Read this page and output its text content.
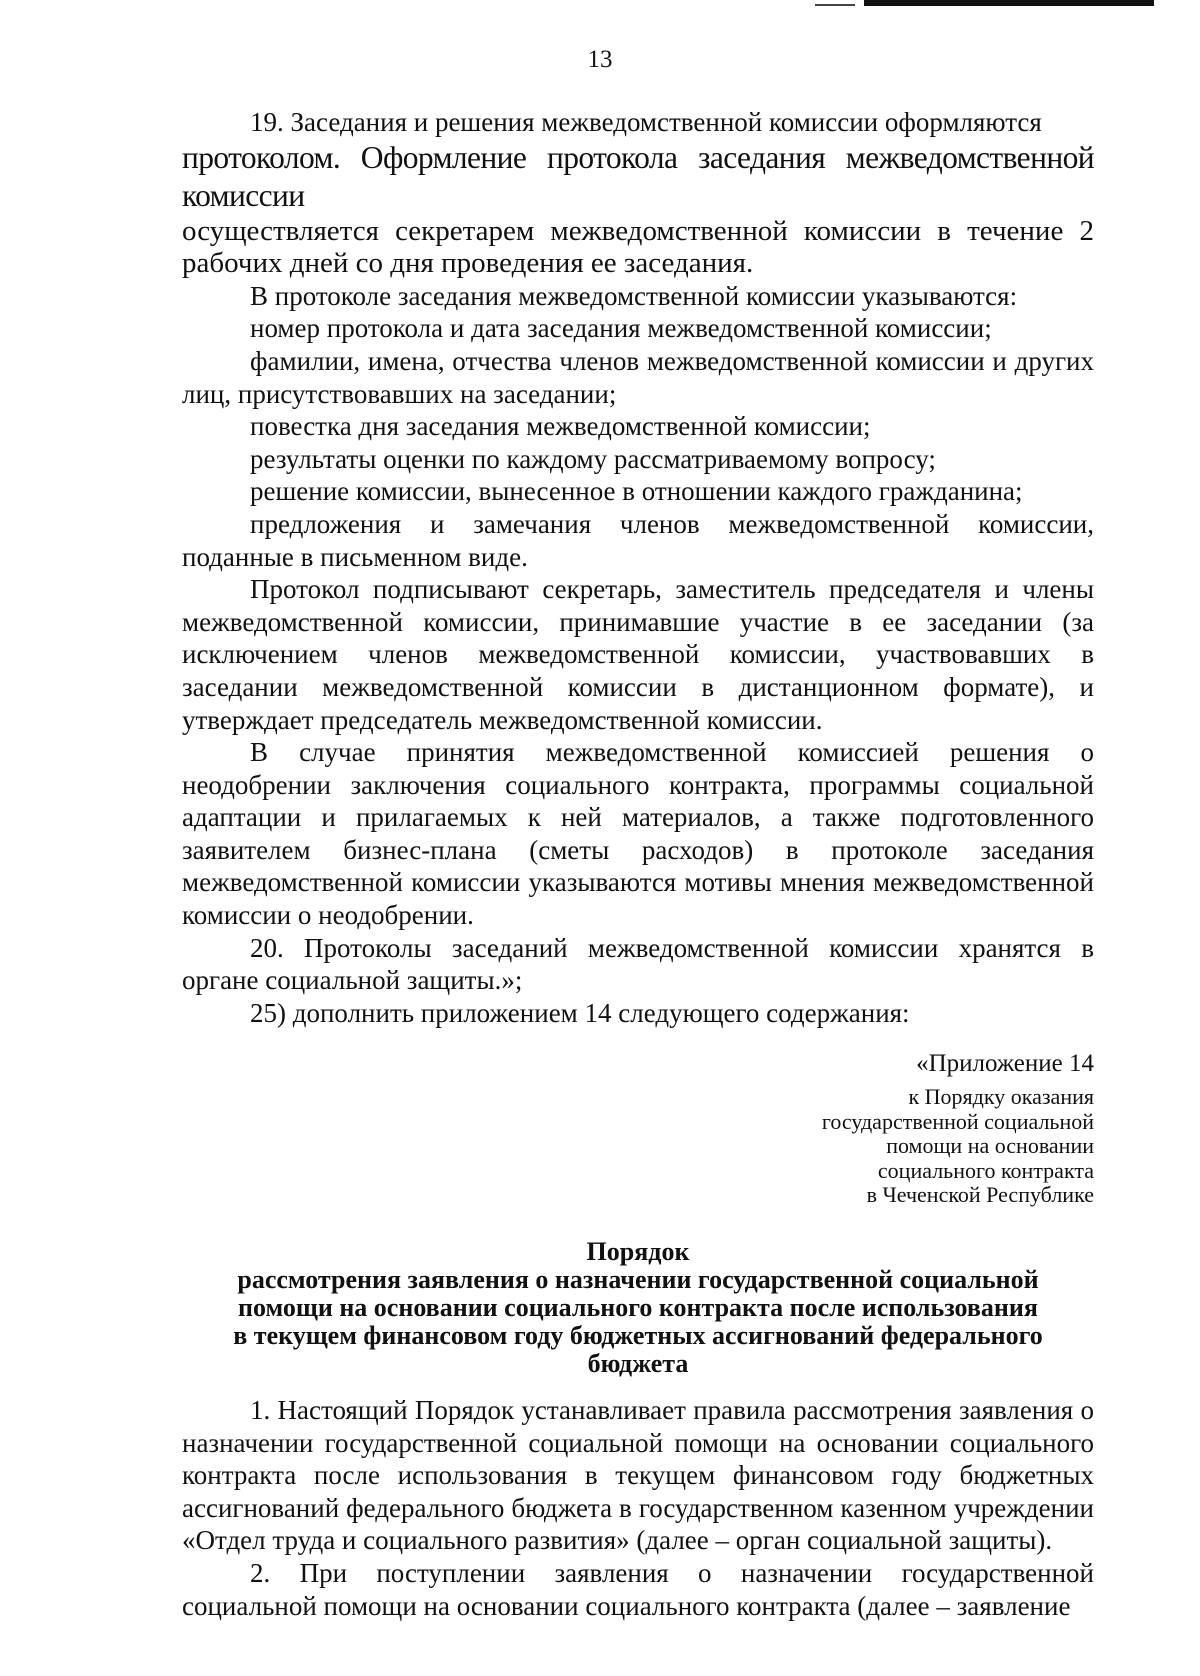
13

19. Заседания и решения межведомственной комиссии оформляются

протоколом. Оформление протокола заседания межведомственной комиссии

осуществляется секретарем межведомственной комиссии в течение 2 рабочих дней со дня проведения ее заседания.

В протоколе заседания межведомственной комиссии указываются:

номер протокола и дата заседания межведомственной комиссии;

фамилии, имена, отчества членов межведомственной комиссии и других лиц, присутствовавших на заседании;

повестка дня заседания межведомственной комиссии;

результаты оценки по каждому рассматриваемому вопросу;

решение комиссии, вынесенное в отношении каждого гражданина;

предложения и замечания членов межведомственной комиссии, поданные в письменном виде.

Протокол подписывают секретарь, заместитель председателя и члены межведомственной комиссии, принимавшие участие в ее заседании (за исключением членов межведомственной комиссии, участвовавших в заседании межведомственной комиссии в дистанционном формате), и утверждает председатель межведомственной комиссии.

В случае принятия межведомственной комиссией решения о неодобрении заключения социального контракта, программы социальной адаптации и прилагаемых к ней материалов, а также подготовленного заявителем бизнес-плана (сметы расходов) в протоколе заседания межведомственной комиссии указываются мотивы мнения межведомственной комиссии о неодобрении.

20. Протоколы заседаний межведомственной комиссии хранятся в органе социальной защиты.»;

25) дополнить приложением 14 следующего содержания:

«Приложение 14

к Порядку оказания

государственной социальной

помощи на основании

социального контракта

в Чеченской Республике

Порядок

рассмотрения заявления о назначении государственной социальной

помощи на основании социального контракта после использования

в текущем финансовом году бюджетных ассигнований федерального

бюджета

1. Настоящий Порядок устанавливает правила рассмотрения заявления о назначении государственной социальной помощи на основании социального контракта после использования в текущем финансовом году бюджетных ассигнований федерального бюджета в государственном казенном учреждении «Отдел труда и социального развития» (далее – орган социальной защиты).

2. При поступлении заявления о назначении государственной социальной помощи на основании социального контракта (далее – заявление
